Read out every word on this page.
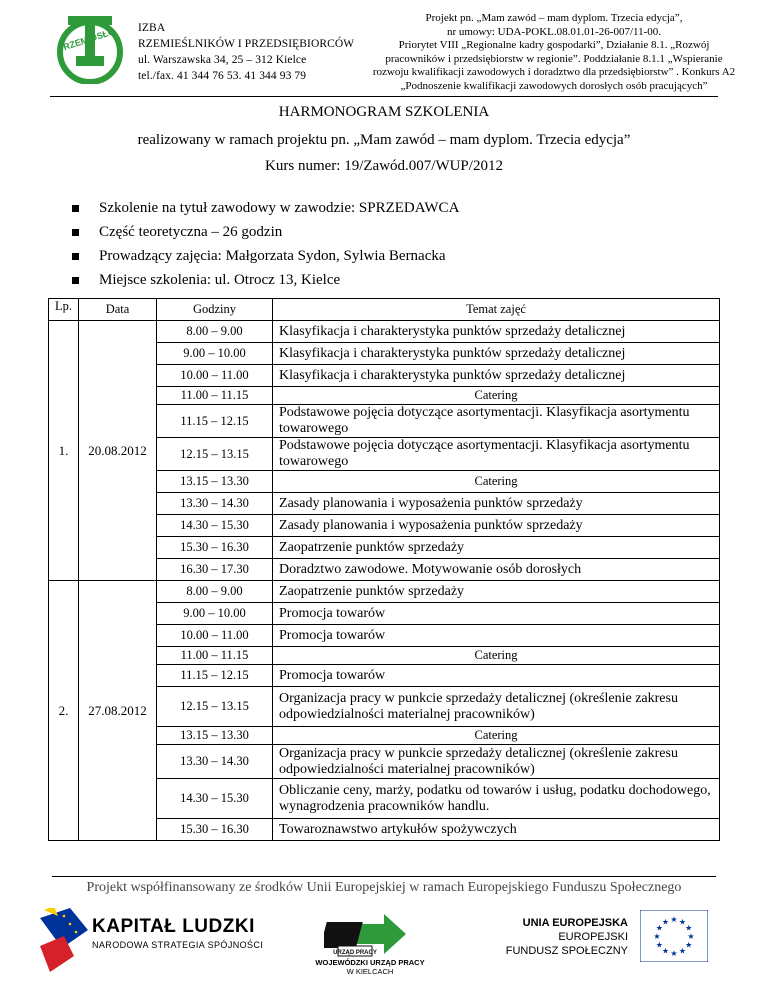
RZEMIOSŁO IZBA
RZEMIEŚLNIKÓW I PRZEDSIĘBIORCÓW
ul. Warszawska 34, 25 – 312 Kielce
tel./fax. 41 344 76 53. 41 344 93 79
Projekt pn. „Mam zawód – mam dyplom. Trzecia edycja”,
nr umowy: UDA-POKL.08.01.01-26-007/11-00.
Priorytet VIII „Regionalne kadry gospodarki”, Działanie 8.1. „Rozwój
pracowników i przedsiębiorstw w regionie”. Poddziałanie 8.1.1 „Wspieranie
rozwoju kwalifikacji zawodowych i doradztwo dla przedsiębiorstw” . Konkurs A2
„Podnoszenie kwalifikacji zawodowych dorosłych osób pracujących”
HARMONOGRAM SZKOLENIA
realizowany w ramach projektu pn. „Mam zawód – mam dyplom. Trzecia edycja”
Kurs numer: 19/Zawód.007/WUP/2012
Szkolenie na tytuł zawodowy w zawodzie: SPRZEDAWCA
Część teoretyczna – 26 godzin
Prowadzący zajęcia: Małgorzata Sydon, Sylwia Bernacka
Miejsce szkolenia: ul. Otrocz 13, Kielce
Lp.	Data	Godziny	Temat zajęć
1.	20.08.2012	8.00 – 9.00	Klasyfikacja i charakterystyka punktów sprzedaży detalicznej
		9.00 – 10.00	Klasyfikacja i charakterystyka punktów sprzedaży detalicznej
		10.00 – 11.00	Klasyfikacja i charakterystyka punktów sprzedaży detalicznej
		11.00 – 11.15	Catering
		11.15 – 12.15	Podstawowe pojęcia dotyczące asortymentacji. Klasyfikacja asortymentu towarowego
		12.15 – 13.15	Podstawowe pojęcia dotyczące asortymentacji. Klasyfikacja asortymentu towarowego
		13.15 – 13.30	Catering
		13.30 – 14.30	Zasady planowania i wyposażenia punktów sprzedaży
		14.30 – 15.30	Zasady planowania i wyposażenia punktów sprzedaży
		15.30 – 16.30	Zaopatrzenie punktów sprzedaży
		16.30 – 17.30	Doradztwo zawodowe. Motywowanie osób dorosłych
2.	27.08.2012	8.00 – 9.00	Zaopatrzenie punktów sprzedaży
		9.00 – 10.00	Promocja towarów
		10.00 – 11.00	Promocja towarów
		11.00 – 11.15	Catering
		11.15 – 12.15	Promocja towarów
		12.15 – 13.15	Organizacja pracy w punkcie sprzedaży detalicznej (określenie zakresu odpowiedzialności materialnej pracowników)
		13.15 – 13.30	Catering
		13.30 – 14.30	Organizacja pracy w punkcie sprzedaży detalicznej (określenie zakresu odpowiedzialności materialnej pracowników)
		14.30 – 15.30	Obliczanie ceny, marży, podatku od towarów i usług, podatku dochodowego, wynagrodzenia pracowników handlu.
		15.30 – 16.30	Towaroznawstwo artykułów spożywczych
Projekt współfinansowany ze środków Unii Europejskiej w ramach Europejskiego Funduszu Społecznego
KAPITAŁ LUDZKI
NARODOWA STRATEGIA SPÓJNOŚCI
URZĄD PRACY
WOJEWÓDZKI URZĄD PRACY
W KIELCACH
UNIA EUROPEJSKA
EUROPEJSKI
FUNDUSZ SPOŁECZNY
★ ★
★
★
★
★
★
★
★
★
★
★
